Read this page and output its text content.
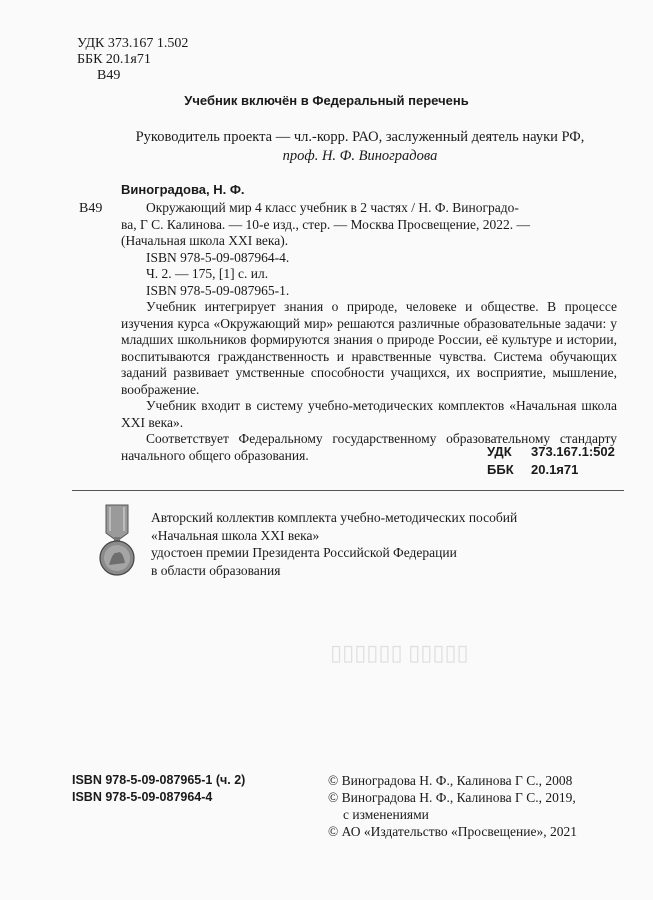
▯▯▯▯▯ ▯▯▯▯▯▯
УДК 373.167 1.502
ББК 20.1я71
В49
Учебник включён в Федеральный перечень
Руководитель проекта — чл.-корр. РАО, заслуженный деятель науки РФ,
проф. Н. Ф. Виноградова
Виноградова, Н. Ф.
В49	Окружающий мир 4 класс учебник в 2 частях / Н. Ф. Виноградо-
ва, Г С. Калинова. — 10-е изд., стер. — Москва Просвещение, 2022. —
(Начальная школа XXI века).
ISBN 978-5-09-087964-4.
Ч. 2. — 175, [1] с. ил.
ISBN 978-5-09-087965-1.

Учебник интегрирует знания о природе, человеке и обществе. В процессе изучения курса «Окружающий мир» решаются различные образовательные задачи: у младших школьников формируются знания о природе России, её культуре и истории, воспитываются гражданственность и нравственные чувства. Система обучающих заданий развивает умственные способности учащихся, их восприятие, мышление, воображение.

Учебник входит в систему учебно-методических комплектов «Начальная школа XXI века».

Соответствует Федеральному государственному образовательному стандарту начального общего образования.	УДК	373.167.1:502
ББК	20.1я71
Авторский коллектив комплекта учебно-методических пособий
«Начальная школа XXI века»
удостоен премии Президента Российской Федерации
в области образования
ISBN 978-5-09-087965-1 (ч. 2)
ISBN 978-5-09-087964-4
© Виноградова Н. Ф., Калинова Г С., 2008
© Виноградова Н. Ф., Калинова Г С., 2019,
с изменениями
© АО «Издательство «Просвещение», 2021
